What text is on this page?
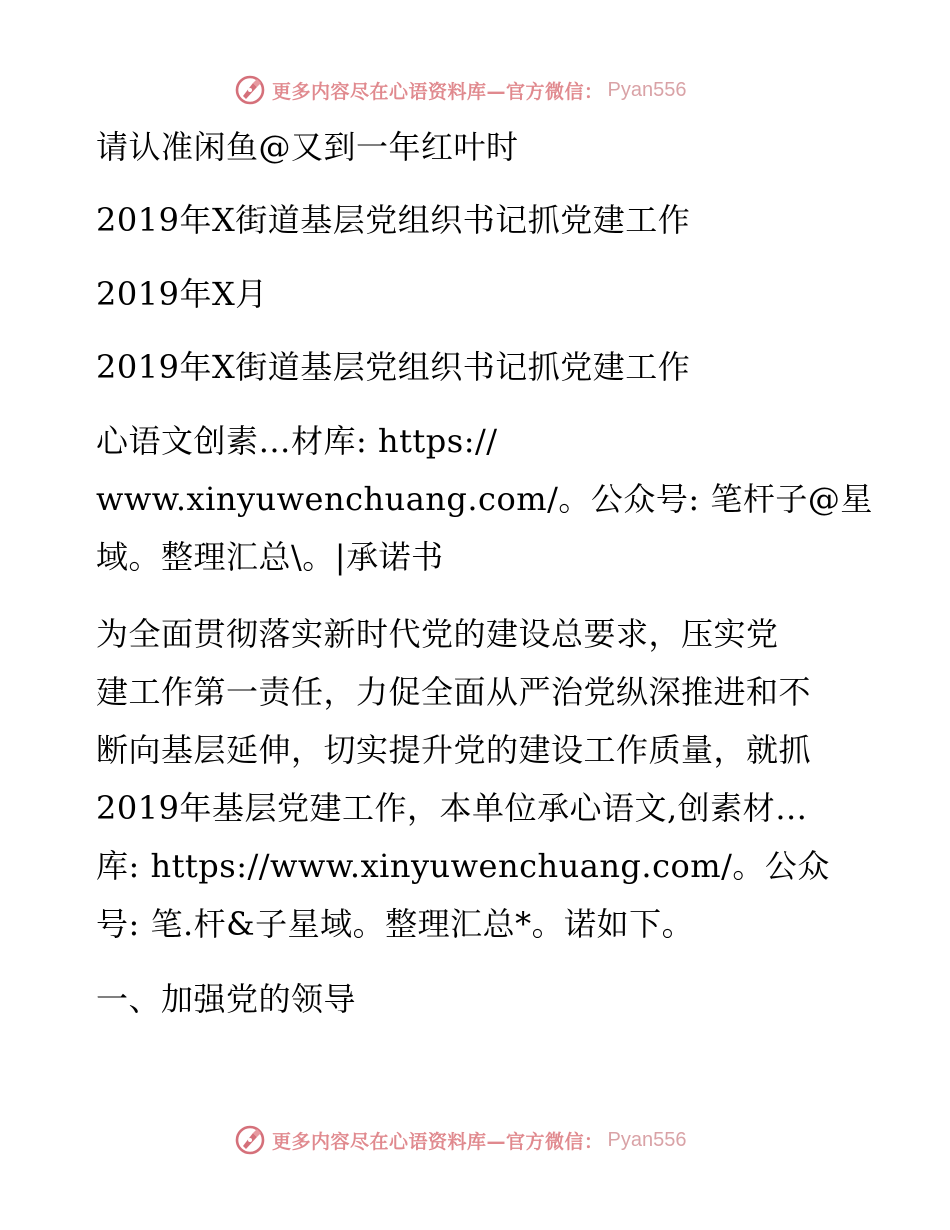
更多内容尽在心语资料库—官方微信： Pyan556
请认准闲鱼@又到一年红叶时
2019年X街道基层党组织书记抓党建工作
2019年X月
2019年X街道基层党组织书记抓党建工作
心语文创素…材库: https://
www.xinyuwenchuang.com/。公众号: 笔杆子@星
域。整理汇总\。|承诺书
为全面贯彻落实新时代党的建设总要求，压实党
建工作第一责任，力促全面从严治党纵深推进和不
断向基层延伸，切实提升党的建设工作质量，就抓
2019年基层党建工作，本单位承心语文,创素材…
库: https://www.xinyuwenchuang.com/。公众
号: 笔.杆&子星域。整理汇总*。诺如下。
一、加强党的领导
更多内容尽在心语资料库—官方微信： Pyan556
